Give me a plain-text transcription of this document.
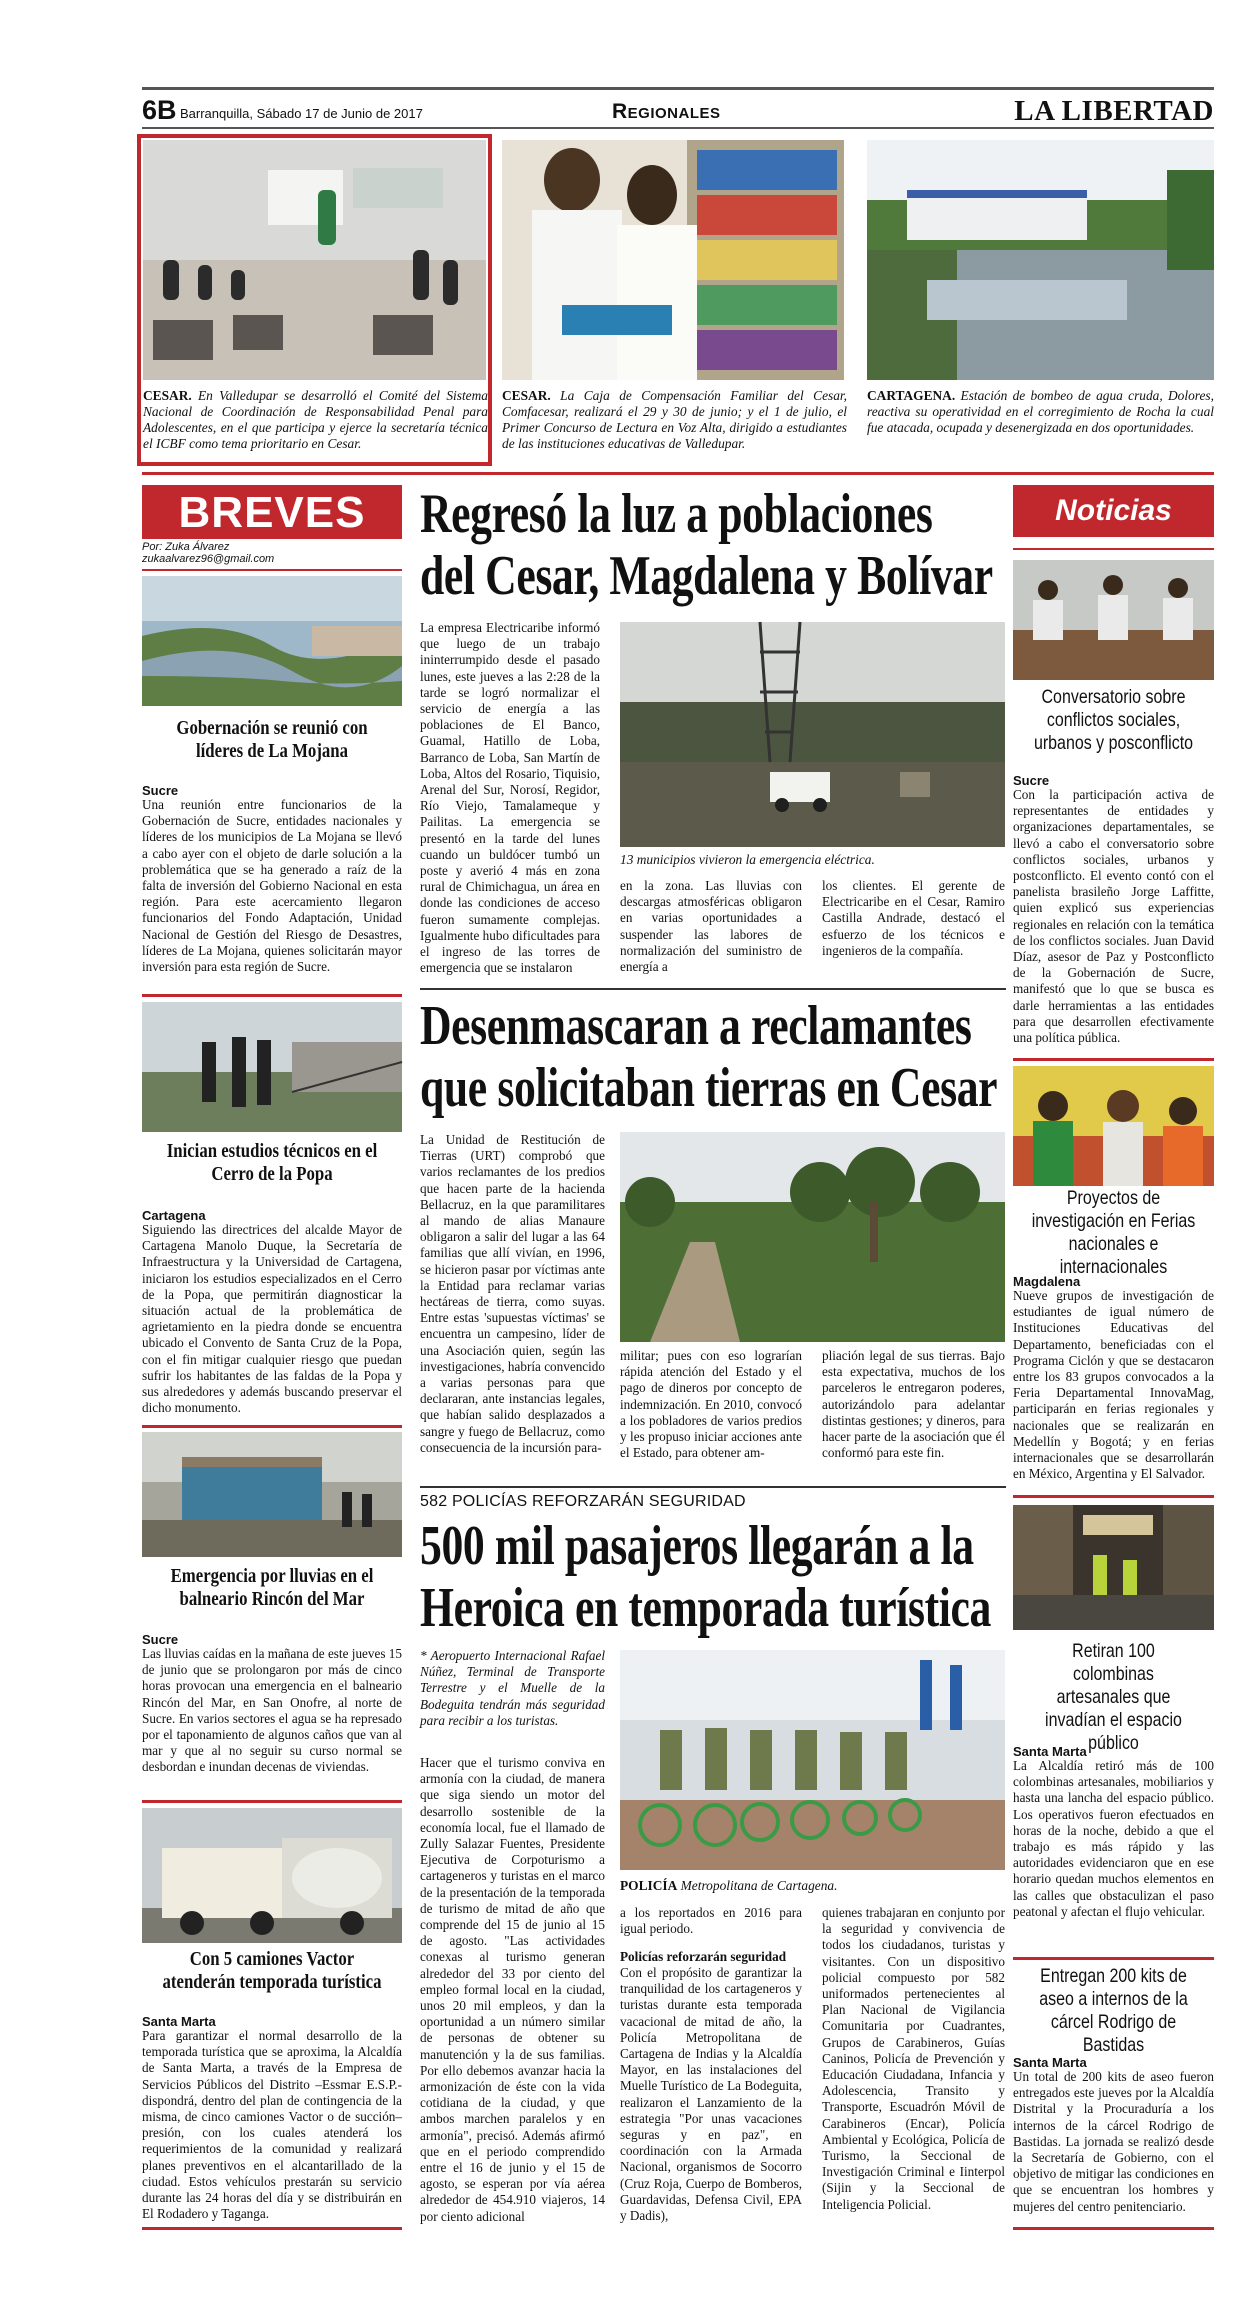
6B Barranquilla, Sábado 17 de Junio de 2017	Regionales	LA LIBERTAD
CESAR. En Valledupar se desarrolló el Comité del Sistema Nacional de Coordinación de Responsabilidad Penal para Adolescentes, en el que participa y ejerce la secretaría técnica el ICBF como tema prioritario en Cesar.
CESAR. La Caja de Compensación Familiar del Cesar, Comfacesar, realizará el 29 y 30 de junio; y el 1 de julio, el Primer Concurso de Lectura en Voz Alta, dirigido a estudiantes de las instituciones educativas de Valledupar.
CARTAGENA. Estación de bombeo de agua cruda, Dolores, reactiva su operatividad en el corregimiento de Rocha la cual fue atacada, ocupada y desenergizada en dos oportunidades.
BREVES
Por: Zuka Álvarez
zukaalvarez96@gmail.com
Gobernación se reunió con líderes de La Mojana
Sucre
Una reunión entre funcionarios de la Gobernación de Sucre, entidades nacionales y líderes de los municipios de La Mojana se llevó a cabo ayer con el objeto de darle solución a la problemática que se ha generado a raíz de la falta de inversión del Gobierno Nacional en esta región. Para este acercamiento llegaron funcionarios del Fondo Adaptación, Unidad Nacional de Gestión del Riesgo de Desastres, líderes de La Mojana, quienes solicitarán mayor inversión para esta región de Sucre.
Inician estudios técnicos en el Cerro de la Popa
Cartagena
Siguiendo las directrices del alcalde Mayor de Cartagena Manolo Duque, la Secretaría de Infraestructura y la Universidad de Cartagena, iniciaron los estudios especializados en el Cerro de la Popa, que permitirán diagnosticar la situación actual de la problemática de agrietamiento en la piedra donde se encuentra ubicado el Convento de Santa Cruz de la Popa, con el fin mitigar cualquier riesgo que puedan sufrir los habitantes de las faldas de la Popa y sus alrededores y además buscando preservar el dicho monumento.
Emergencia por lluvias en el balneario Rincón del Mar
Sucre
Las lluvias caídas en la mañana de este jueves 15 de junio que se prolongaron por más de cinco horas provocan una emergencia en el balneario Rincón del Mar, en San Onofre, al norte de Sucre. En varios sectores el agua se ha represado por el taponamiento de algunos caños que van al mar y que al no seguir su curso normal se desbordan e inundan decenas de viviendas.
Con 5 camiones Vactor atenderán temporada turística
Santa Marta
Para garantizar el normal desarrollo de la temporada turística que se aproxima, la Alcaldía de Santa Marta, a través de la Empresa de Servicios Públicos del Distrito –Essmar E.S.P.- dispondrá, dentro del plan de contingencia de la misma, de cinco camiones Vactor o de succión–presión, con los cuales atenderá los requerimientos de la comunidad y realizará planes preventivos en el alcantarillado de la ciudad. Estos vehículos prestarán su servicio durante las 24 horas del día y se distribuirán en El Rodadero y Taganga.
Regresó la luz a poblaciones
del Cesar, Magdalena y Bolívar
La empresa Electricaribe informó que luego de un trabajo ininterrumpido desde el pasado lunes, este jueves a las 2:28 de la tarde se logró normalizar el servicio de energía a las poblaciones de El Banco, Guamal, Hatillo de Loba, Barranco de Loba, San Martín de Loba, Altos del Rosario, Tiquisio, Arenal del Sur, Norosí, Regidor, Río Viejo, Tamalameque y Pailitas. La emergencia se presentó en la tarde del lunes cuando un buldócer tumbó un poste y averió 4 más en zona rural de Chimichagua, un área en donde las condiciones de acceso fueron sumamente complejas. Igualmente hubo dificultades para el ingreso de las torres de emergencia que se instalaron
13 municipios vivieron la emergencia eléctrica.
en la zona. Las lluvias con descargas atmosféricas obligaron en varias oportunidades a suspender las labores de normalización del suministro de energía a
los clientes. El gerente de Electricaribe en el Cesar, Ramiro Castilla Andrade, destacó el esfuerzo de los técnicos e ingenieros de la compañía.
Desenmascaran a reclamantes
que solicitaban tierras en Cesar
La Unidad de Restitución de Tierras (URT) comprobó que varios reclamantes de los predios que hacen parte de la hacienda Bellacruz, en la que paramilitares al mando de alias Manaure obligaron a salir del lugar a las 64 familias que allí vivían, en 1996, se hicieron pasar por víctimas ante la Entidad para reclamar varias hectáreas de tierra, como suyas. Entre estas 'supuestas víctimas' se encuentra un campesino, líder de una Asociación quien, según las investigaciones, habría convencido a varias personas para que declararan, ante instancias legales, que habían salido desplazados a sangre y fuego de Bellacruz, como consecuencia de la incursión para-
militar; pues con eso lograrían rápida atención del Estado y el pago de dineros por concepto de indemnización. En 2010, convocó a los pobladores de varios predios y les propuso iniciar acciones ante el Estado, para obtener am-
pliación legal de sus tierras. Bajo esta expectativa, muchos de los parceleros le entregaron poderes, autorizándolo para adelantar distintas gestiones; y dineros, para hacer parte de la asociación que él conformó para este fin.
582 POLICÍAS REFORZARÁN SEGURIDAD
500 mil pasajeros llegarán a la
Heroica en temporada turística
* Aeropuerto Internacional Rafael Núñez, Terminal de Transporte Terrestre y el Muelle de la Bodeguita tendrán más seguridad para recibir a los turistas.
Hacer que el turismo conviva en armonía con la ciudad, de manera que siga siendo un motor del desarrollo sostenible de la economía local, fue el llamado de Zully Salazar Fuentes, Presidente Ejecutiva de Corpoturismo a cartageneros y turistas en el marco de la presentación de la temporada de turismo de mitad de año que comprende del 15 de junio al 15 de agosto. "Las actividades conexas al turismo generan alrededor del 33 por ciento del empleo formal local en la ciudad, unos 20 mil empleos, y dan la oportunidad a un número similar de personas de obtener su manutención y la de sus familias. Por ello debemos avanzar hacia la armonización de éste con la vida cotidiana de la ciudad, y que ambos marchen paralelos y en armonía", precisó. Además afirmó que en el periodo comprendido entre el 16 de junio y el 15 de agosto, se esperan por vía aérea alrededor de 454.910 viajeros, 14 por ciento adicional
POLICÍA Metropolitana de Cartagena.
a los reportados en 2016 para igual periodo.
Policías reforzarán seguridad
Con el propósito de garantizar la tranquilidad de los cartageneros y turistas durante esta temporada vacacional de mitad de año, la Policía Metropolitana de Cartagena de Indias y la Alcaldía Mayor, en las instalaciones del Muelle Turístico de La Bodeguita, realizaron el Lanzamiento de la estrategia "Por unas vacaciones seguras y en paz", en coordinación con la Armada Nacional, organismos de Socorro (Cruz Roja, Cuerpo de Bomberos, Guardavidas, Defensa Civil, EPA y Dadis),
quienes trabajaran en conjunto por la seguridad y convivencia de todos los ciudadanos, turistas y visitantes. Con un dispositivo policial compuesto por 582 uniformados pertenecientes al Plan Nacional de Vigilancia Comunitaria por Cuadrantes, Grupos de Carabineros, Guías Caninos, Policía de Prevención y Educación Ciudadana, Infancia y Adolescencia, Transito y Transporte, Escuadrón Móvil de Carabineros (Encar), Policía Ambiental y Ecológica, Policía de Turismo, la Seccional de Investigación Criminal e Iinterpol (Sijin y la Seccional de Inteligencia Policial.
Noticias
Conversatorio sobre conflictos sociales, urbanos y posconflicto
Sucre
Con la participación activa de representantes de entidades y organizaciones departamentales, se llevó a cabo el conversatorio sobre conflictos sociales, urbanos y postconflicto. El evento contó con el panelista brasileño Jorge Laffitte, quien explicó sus experiencias regionales en relación con la temática de los conflictos sociales. Juan David Díaz, asesor de Paz y Postconflicto de la Gobernación de Sucre, manifestó que lo que se busca es darle herramientas a las entidades para que desarrollen efectivamente una política pública.
Proyectos de investigación en Ferias nacionales e internacionales
Magdalena
Nueve grupos de investigación de estudiantes de igual número de Instituciones Educativas del Departamento, beneficiadas con el Programa Ciclón y que se destacaron entre los 83 grupos convocados a la Feria Departamental InnovaMag, participarán en ferias regionales y nacionales que se realizarán en Medellín y Bogotá; y en ferias internacionales que se desarrollarán en México, Argentina y El Salvador.
Retiran 100 colombinas artesanales que invadían el espacio público
Santa Marta
La Alcaldía retiró más de 100 colombinas artesanales, mobiliarios y hasta una lancha del espacio público. Los operativos fueron efectuados en horas de la noche, debido a que el trabajo es más rápido y las autoridades evidenciaron que en ese horario quedan muchos elementos en las calles que obstaculizan el paso peatonal y afectan el flujo vehicular.
Entregan 200 kits de aseo a internos de la cárcel Rodrigo de Bastidas
Santa Marta
Un total de 200 kits de aseo fueron entregados este jueves por la Alcaldía Distrital y la Procuraduría a los internos de la cárcel Rodrigo de Bastidas. La jornada se realizó desde la Secretaría de Gobierno, con el objetivo de mitigar las condiciones en que se encuentran los hombres y mujeres del centro penitenciario.
